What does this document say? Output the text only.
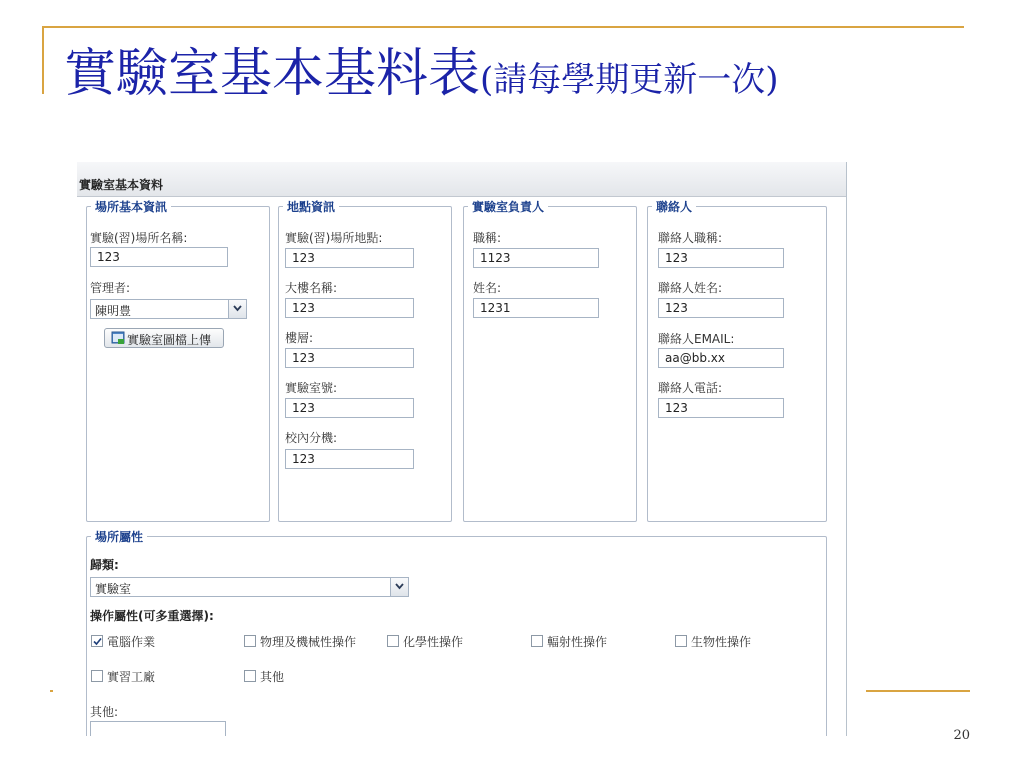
實驗室基本基料表(請每學期更新一次)
實驗室基本資料
場所基本資訊
實驗(習)場所名稱:
123
管理者:
陳明豊
實驗室圖檔上傳
地點資訊
實驗(習)場所地點:
123
大樓名稱:
123
樓層:
123
實驗室號:
123
校內分機:
123
實驗室負責人
職稱:
1123
姓名:
1231
聯絡人
聯絡人職稱:
123
聯絡人姓名:
123
聯絡人EMAIL:
aa@bb.xx
聯絡人電話:
123
場所屬性
歸類:
實驗室
操作屬性(可多重選擇):
電腦作業	物理及機械性操作	化學性操作	輻射性操作	生物性操作
實習工廠	其他
其他:
20
